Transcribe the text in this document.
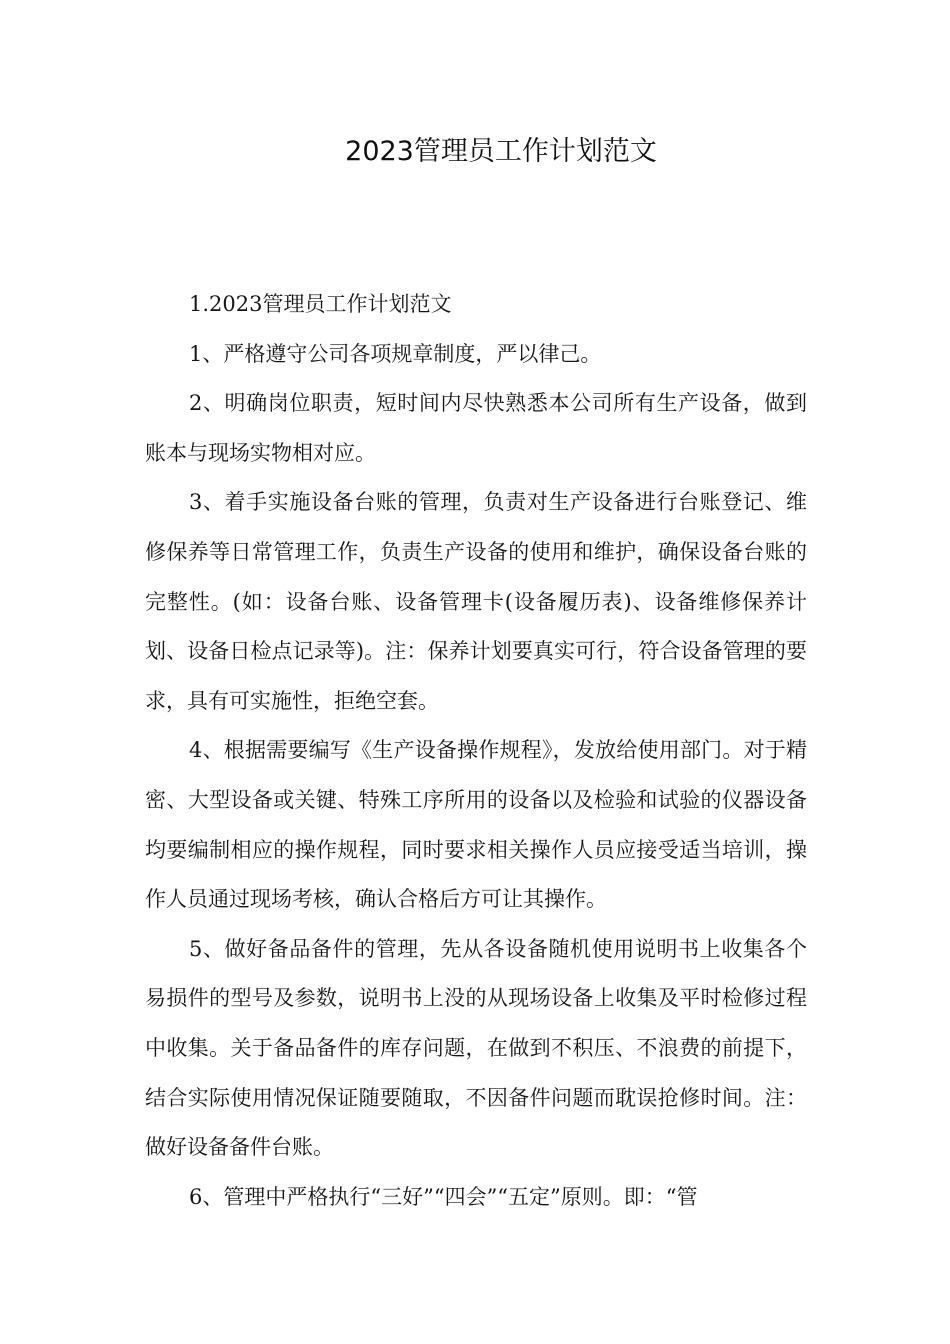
2023管理员工作计划范文

1.2023管理员工作计划范文

1、严格遵守公司各项规章制度，严以律己。

2、明确岗位职责，短时间内尽快熟悉本公司所有生产设备，做到账本与现场实物相对应。

3、着手实施设备台账的管理，负责对生产设备进行台账登记、维修保养等日常管理工作，负责生产设备的使用和维护，确保设备台账的完整性。(如：设备台账、设备管理卡(设备履历表)、设备维修保养计划、设备日检点记录等)。注：保养计划要真实可行，符合设备管理的要求，具有可实施性，拒绝空套。

4、根据需要编写《生产设备操作规程》，发放给使用部门。对于精密、大型设备或关键、特殊工序所用的设备以及检验和试验的仪器设备均要编制相应的操作规程，同时要求相关操作人员应接受适当培训，操作人员通过现场考核，确认合格后方可让其操作。

5、做好备品备件的管理，先从各设备随机使用说明书上收集各个易损件的型号及参数，说明书上没的从现场设备上收集及平时检修过程中收集。关于备品备件的库存问题，在做到不积压、不浪费的前提下，结合实际使用情况保证随要随取，不因备件问题而耽误抢修时间。注：做好设备备件台账。

6、管理中严格执行“三好”“四会”“五定”原则。即：“管
